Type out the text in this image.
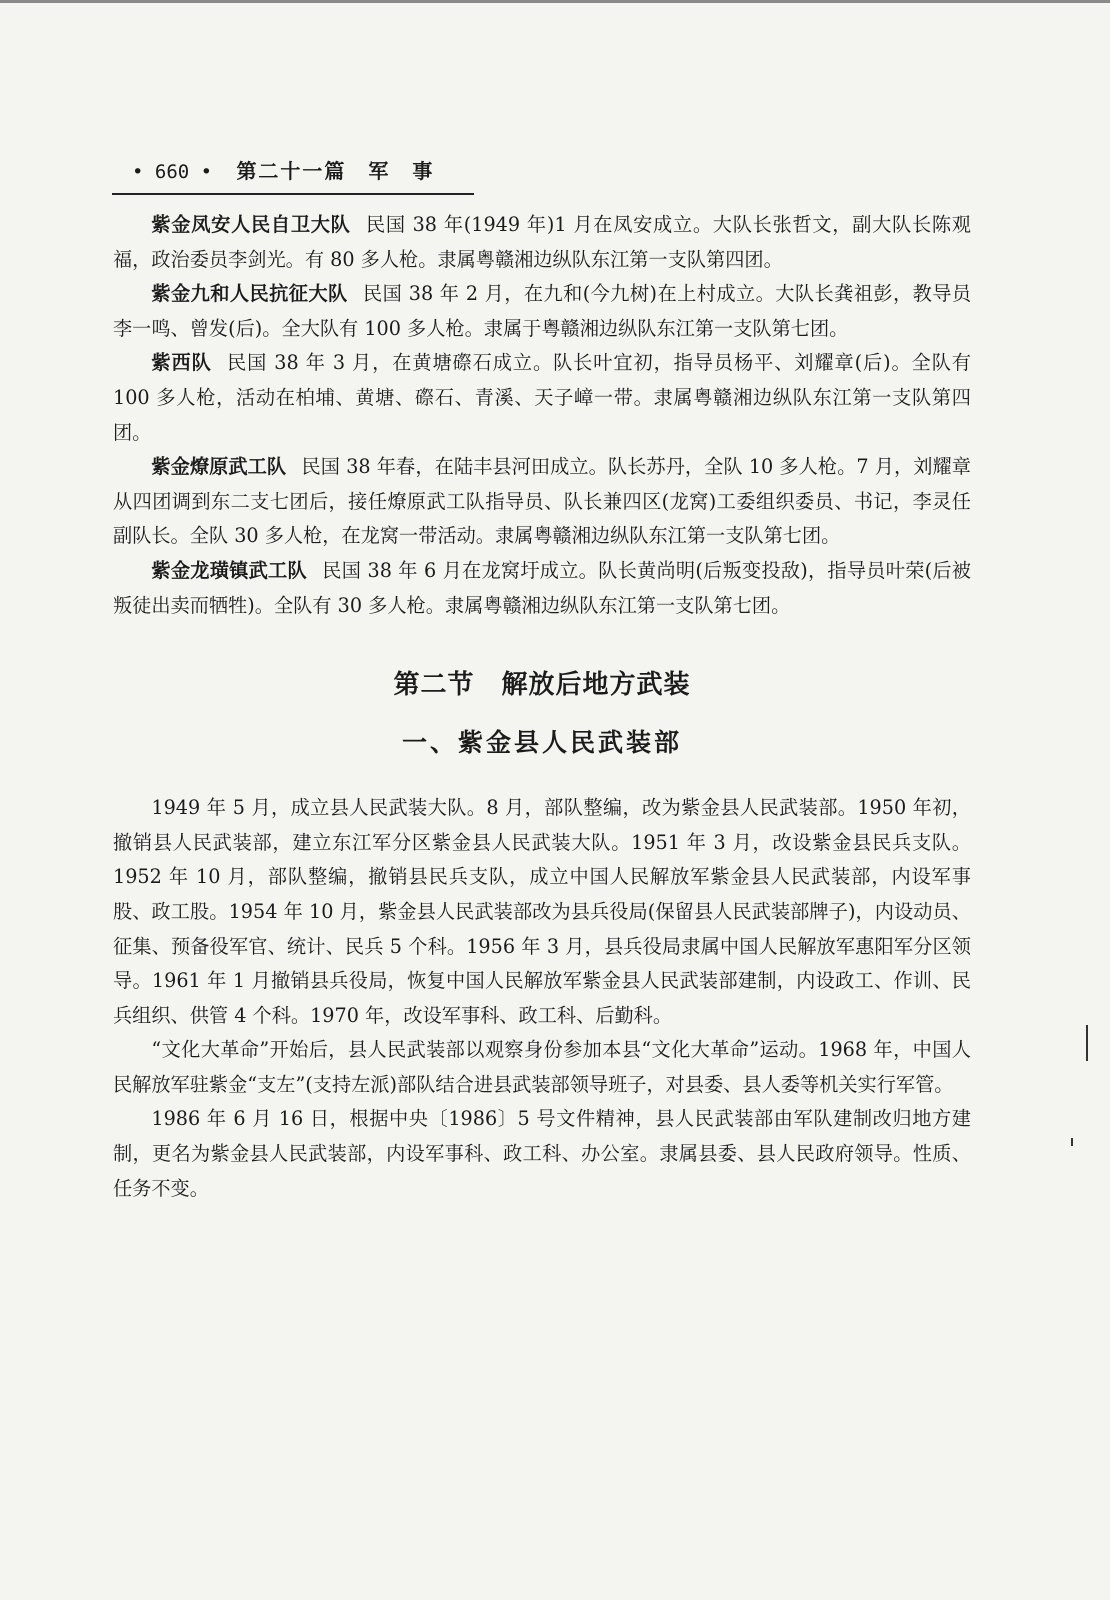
• 660 • 第二十一篇　军　事

紫金凤安人民自卫大队 民国 38 年(1949 年)1 月在凤安成立。大队长张哲文，副大队长陈观福，政治委员李剑光。有 80 多人枪。隶属粤赣湘边纵队东江第一支队第四团。

紫金九和人民抗征大队 民国 38 年 2 月，在九和(今九树)在上村成立。大队长龚祖彭，教导员李一鸣、曾发(后)。全大队有 100 多人枪。隶属于粤赣湘边纵队东江第一支队第七团。

紫西队 民国 38 年 3 月，在黄塘磜石成立。队长叶宜初，指导员杨平、刘耀章(后)。全队有 100 多人枪，活动在柏埔、黄塘、磜石、青溪、天子嶂一带。隶属粤赣湘边纵队东江第一支队第四团。

紫金燎原武工队 民国 38 年春，在陆丰县河田成立。队长苏丹，全队 10 多人枪。7 月，刘耀章从四团调到东二支七团后，接任燎原武工队指导员、队长兼四区(龙窝)工委组织委员、书记，李灵任副队长。全队 30 多人枪，在龙窝一带活动。隶属粤赣湘边纵队东江第一支队第七团。

紫金龙璜镇武工队 民国 38 年 6 月在龙窝圩成立。队长黄尚明(后叛变投敌)，指导员叶荣(后被叛徒出卖而牺牲)。全队有 30 多人枪。隶属粤赣湘边纵队东江第一支队第七团。

第二节　解放后地方武装
一、紫金县人民武装部

1949 年 5 月，成立县人民武装大队。8 月，部队整编，改为紫金县人民武装部。1950 年初，撤销县人民武装部，建立东江军分区紫金县人民武装大队。1951 年 3 月，改设紫金县民兵支队。1952 年 10 月，部队整编，撤销县民兵支队，成立中国人民解放军紫金县人民武装部，内设军事股、政工股。1954 年 10 月，紫金县人民武装部改为县兵役局(保留县人民武装部牌子)，内设动员、征集、预备役军官、统计、民兵 5 个科。1956 年 3 月，县兵役局隶属中国人民解放军惠阳军分区领导。1961 年 1 月撤销县兵役局，恢复中国人民解放军紫金县人民武装部建制，内设政工、作训、民兵组织、供管 4 个科。1970 年，改设军事科、政工科、后勤科。

“文化大革命”开始后，县人民武装部以观察身份参加本县“文化大革命”运动。1968 年，中国人民解放军驻紫金“支左”(支持左派)部队结合进县武装部领导班子，对县委、县人委等机关实行军管。

1986 年 6 月 16 日，根据中央〔1986〕5 号文件精神，县人民武装部由军队建制改归地方建制，更名为紫金县人民武装部，内设军事科、政工科、办公室。隶属县委、县人民政府领导。性质、任务不变。
